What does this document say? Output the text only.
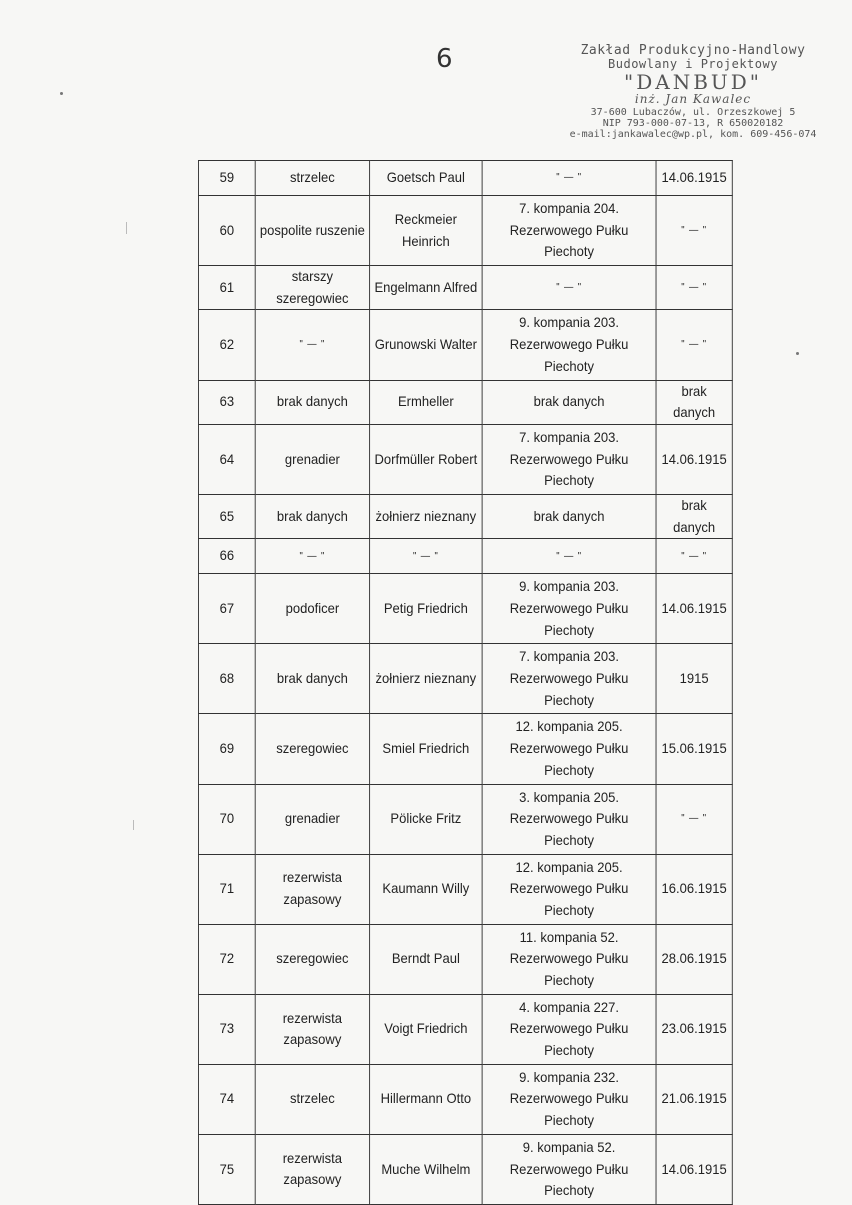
6	Zakład Produkcyjno-Handlowy
Budowlany i Projektowy
"DANBUD"
inż. Jan Kawalec
37-600 Lubaczów, ul. Orzeszkowej 5
NIP 793-000-07-13, R 650020182
e-mail:jankawalec@wp.pl, kom. 609-456-074
59	strzelec	Goetsch Paul	" — "	14.06.1915
60	pospolite ruszenie	Reckmeier Heinrich	7. kompania 204. Rezerwowego Pułku Piechoty	" — "
61	starszy szeregowiec	Engelmann Alfred	" — "	" — "
62	" — "	Grunowski Walter	9. kompania 203. Rezerwowego Pułku Piechoty	" — "
63	brak danych	Ermheller	brak danych	brak danych
64	grenadier	Dorfmüller Robert	7. kompania 203. Rezerwowego Pułku Piechoty	14.06.1915
65	brak danych	żołnierz nieznany	brak danych	brak danych
66	" — "	" — "	" — "	" — "
67	podoficer	Petig Friedrich	9. kompania 203. Rezerwowego Pułku Piechoty	14.06.1915
68	brak danych	żołnierz nieznany	7. kompania 203. Rezerwowego Pułku Piechoty	1915
69	szeregowiec	Smiel Friedrich	12. kompania 205. Rezerwowego Pułku Piechoty	15.06.1915
70	grenadier	Pölicke Fritz	3. kompania 205. Rezerwowego Pułku Piechoty	" — "
71	rezerwista zapasowy	Kaumann Willy	12. kompania 205. Rezerwowego Pułku Piechoty	16.06.1915
72	szeregowiec	Berndt Paul	11. kompania 52. Rezerwowego Pułku Piechoty	28.06.1915
73	rezerwista zapasowy	Voigt Friedrich	4. kompania 227. Rezerwowego Pułku Piechoty	23.06.1915
74	strzelec	Hillermann Otto	9. kompania 232. Rezerwowego Pułku Piechoty	21.06.1915
75	rezerwista zapasowy	Muche Wilhelm	9. kompania 52. Rezerwowego Pułku Piechoty	14.06.1915
